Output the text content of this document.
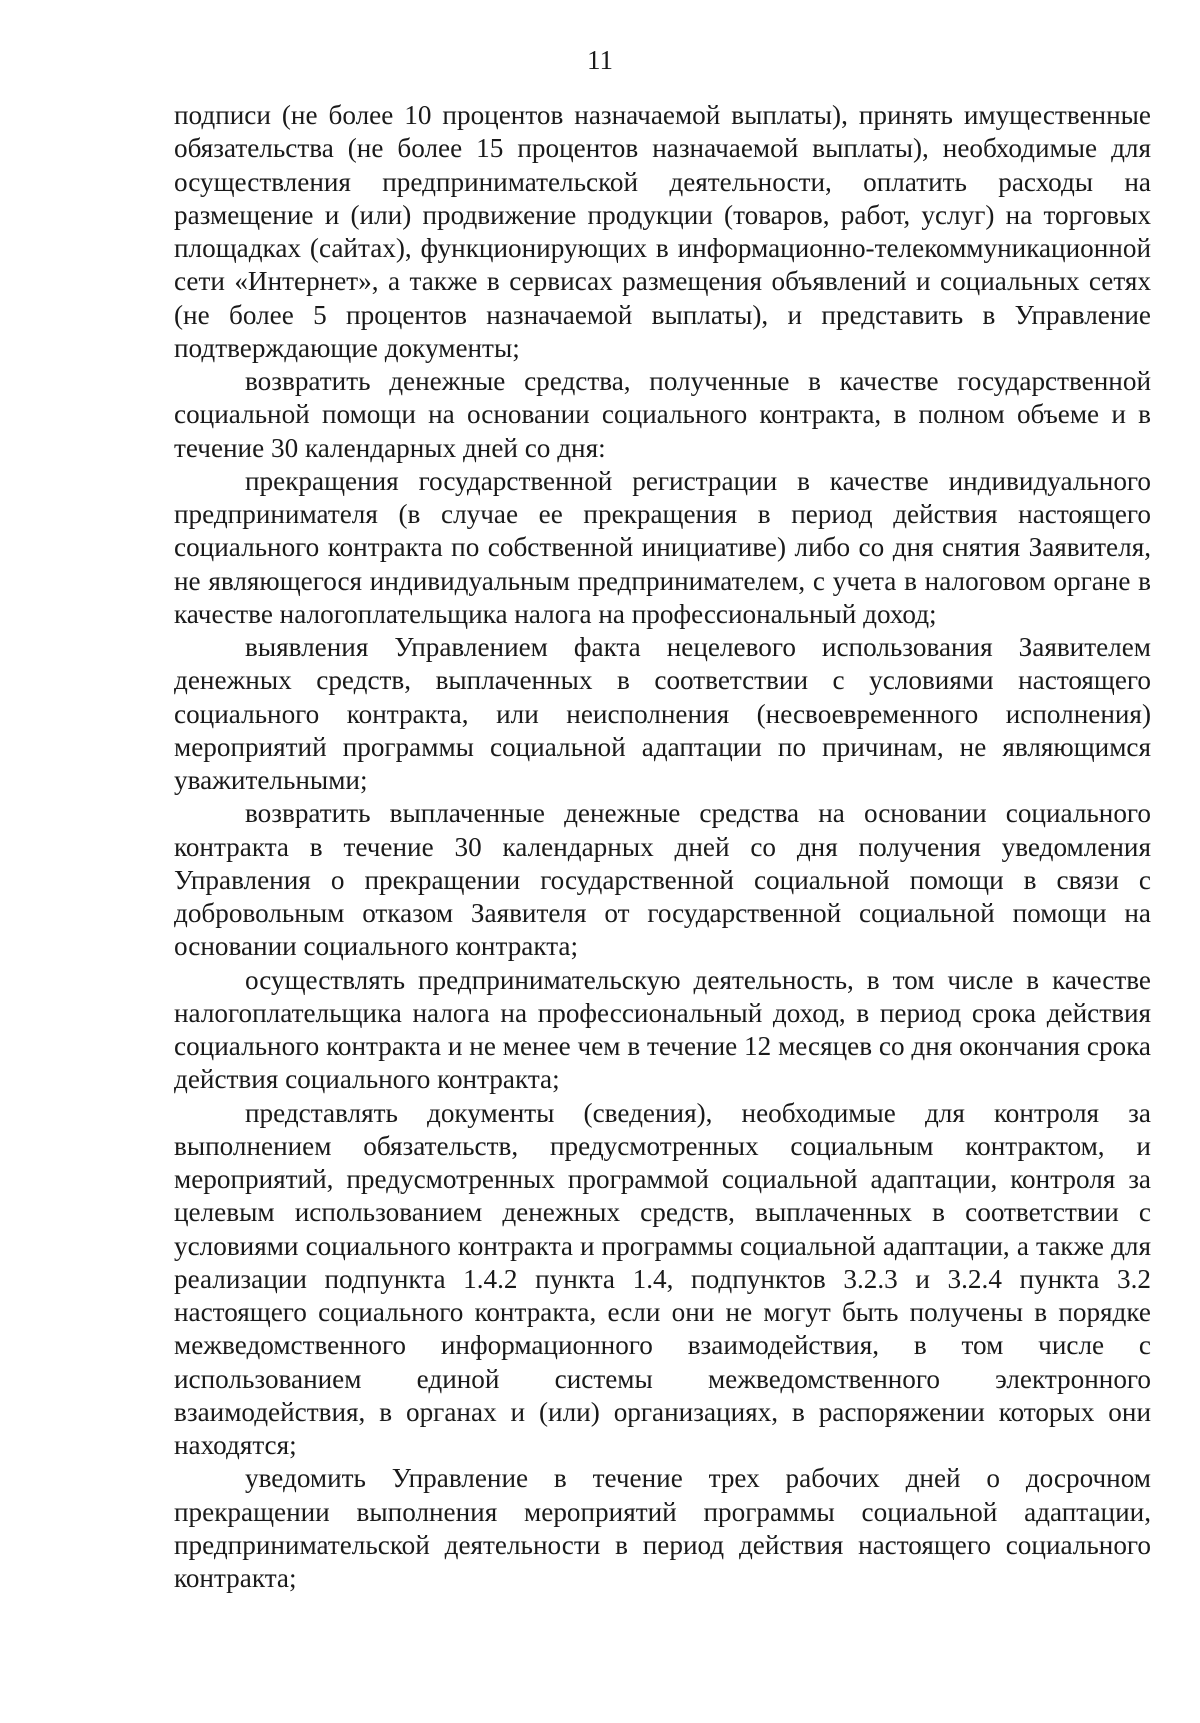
11

подписи (не более 10 процентов назначаемой выплаты), принять имущественные обязательства (не более 15 процентов назначаемой выплаты), необходимые для осуществления предпринимательской деятельности, оплатить расходы на размещение и (или) продвижение продукции (товаров, работ, услуг) на торговых площадках (сайтах), функционирующих в информационно-телекоммуникационной сети «Интернет», а также в сервисах размещения объявлений и социальных сетях (не более 5 процентов назначаемой выплаты), и представить в Управление подтверждающие документы;

возвратить денежные средства, полученные в качестве государственной социальной помощи на основании социального контракта, в полном объеме и в течение 30 календарных дней со дня:

прекращения государственной регистрации в качестве индивидуального предпринимателя (в случае ее прекращения в период действия настоящего социального контракта по собственной инициативе) либо со дня снятия Заявителя, не являющегося индивидуальным предпринимателем, с учета в налоговом органе в качестве налогоплательщика налога на профессиональный доход;

выявления Управлением факта нецелевого использования Заявителем денежных средств, выплаченных в соответствии с условиями настоящего социального контракта, или неисполнения (несвоевременного исполнения) мероприятий программы социальной адаптации по причинам, не являющимся уважительными;

возвратить выплаченные денежные средства на основании социального контракта в течение 30 календарных дней со дня получения уведомления Управления о прекращении государственной социальной помощи в связи с добровольным отказом Заявителя от государственной социальной помощи на основании социального контракта;

осуществлять предпринимательскую деятельность, в том числе в качестве налогоплательщика налога на профессиональный доход, в период срока действия социального контракта и не менее чем в течение 12 месяцев со дня окончания срока действия социального контракта;

представлять документы (сведения), необходимые для контроля за выполнением обязательств, предусмотренных социальным контрактом, и мероприятий, предусмотренных программой социальной адаптации, контроля за целевым использованием денежных средств, выплаченных в соответствии с условиями социального контракта и программы социальной адаптации, а также для реализации подпункта 1.4.2 пункта 1.4, подпунктов 3.2.3 и 3.2.4 пункта 3.2 настоящего социального контракта, если они не могут быть получены в порядке межведомственного информационного взаимодействия, в том числе с использованием единой системы межведомственного электронного взаимодействия, в органах и (или) организациях, в распоряжении которых они находятся;

уведомить Управление в течение трех рабочих дней о досрочном прекращении выполнения мероприятий программы социальной адаптации, предпринимательской деятельности в период действия настоящего социального контракта;
